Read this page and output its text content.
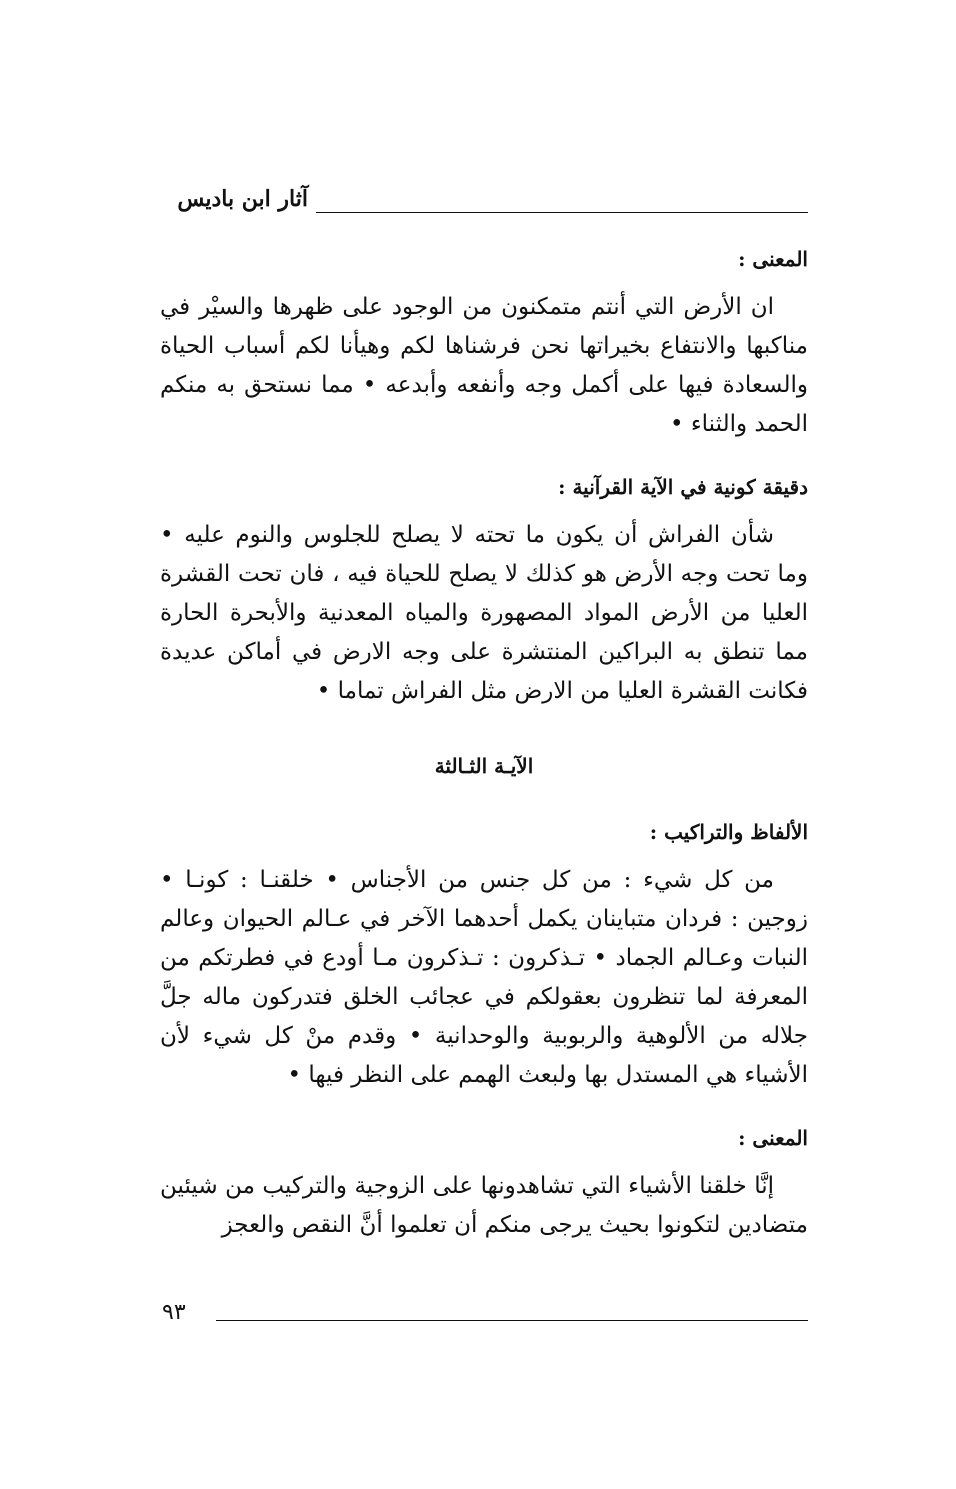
آثار ابن باديس
المعنى :

ان الأرض التي أنتم متمكنون من الوجود على ظهرها والسيْر في مناكبها والانتفاع بخيراتها نحن فرشناها لكم وهيأنا لكم أسباب الحياة والسعادة فيها على أكمل وجه وأنفعه وأبدعه • مما نستحق به منكم الحمد والثناء •

دقيقة كونية في الآية القرآنية :

شأن الفراش أن يكون ما تحته لا يصلح للجلوس والنوم عليه • وما تحت وجه الأرض هو كذلك لا يصلح للحياة فيه ، فان تحت القشرة العليا من الأرض المواد المصهورة والمياه المعدنية والأبحرة الحارة مما تنطق به البراكين المنتشرة على وجه الارض في أماكن عديدة فكانت القشرة العليا من الارض مثل الفراش تماما •

الآيـة الثـالثة
الألفاظ والتراكيب :

من كل شيء : من كل جنس من الأجناس • خلقنـا : كونـا • زوجين : فردان متباينان يكمل أحدهما الآخر في عـالم الحيوان وعالم النبات وعـالم الجماد • تـذكرون : تـذكرون مـا أودع في فطرتكم من المعرفة لما تنظرون بعقولكم في عجائب الخلق فتدركون ماله جلَّ جلاله من الألوهية والربوبية والوحدانية • وقدم منْ كل شيء لأن الأشياء هي المستدل بها ولبعث الهمم على النظر فيها •

المعنى :

إنَّا خلقنا الأشياء التي تشاهدونها على الزوجية والتركيب من شيئين متضادين لتكونوا بحيث يرجى منكم أن تعلموا أنَّ النقص والعجز

٩٣
